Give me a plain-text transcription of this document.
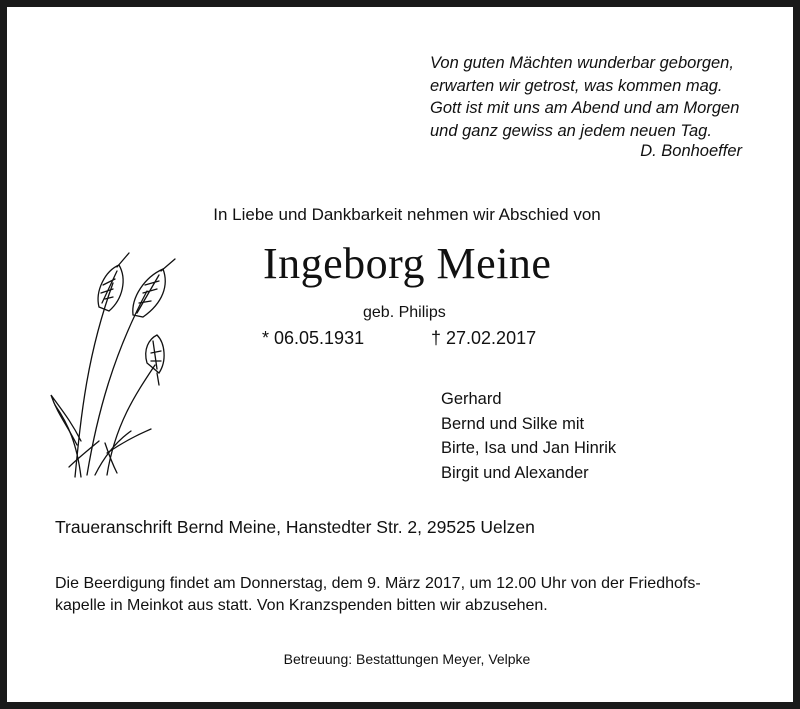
Von guten Mächten wunderbar geborgen,
erwarten wir getrost, was kommen mag.
Gott ist mit uns am Abend und am Morgen
und ganz gewiss an jedem neuen Tag.
D. Bonhoeffer
In Liebe und Dankbarkeit nehmen wir Abschied von
Ingeborg Meine
geb. Philips
* 06.05.1931	† 27.02.2017
Gerhard
Bernd und Silke mit
Birte, Isa und Jan Hinrik
Birgit und Alexander
Traueranschrift Bernd Meine, Hanstedter Str. 2, 29525 Uelzen
Die Beerdigung findet am Donnerstag, dem 9. März 2017, um 12.00 Uhr von der Friedhofs-
kapelle in Meinkot aus statt. Von Kranzspenden bitten wir abzusehen.
Betreuung: Bestattungen Meyer, Velpke
